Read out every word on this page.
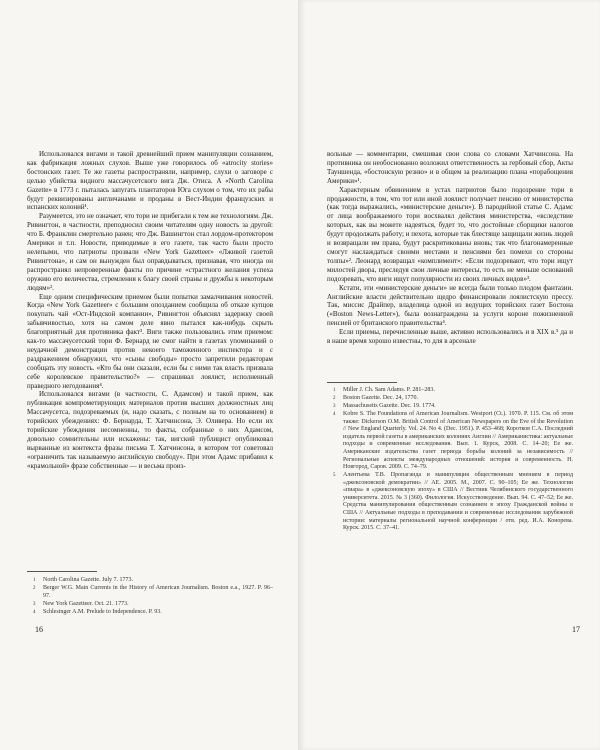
Использовался вигами и такой древнейший прием манипуляции сознанием, как фабрикация ложных слухов. Выше уже говорилось об «atrocity stories» бостонских газет. Те же газеты распространяли, например, слухи о заговоре с целью убийства видного массачусетского вига Дж. Отиса. А «North Carolina Gazette» в 1773 г. пыталась запугать плантаторов Юга слухом о том, что их рабы будут реквизированы англичанами и проданы в Вест-Индии французских и испанских колоний¹.

Разумеется, это не означает, что тори не прибегали к тем же технологиям. Дж. Ривингтон, в частности, преподносил своим читателям одну новость за другой: что Б. Франклин смертельно ранен; что Дж. Вашингтон стал лордом-протектором Америки и т.п. Новости, приводимые в его газете, так часто были просто нелепыми, что патриоты прозвали «New York Gazetteer» «Лживой газетой Ривингтона», и сам он вынужден был оправдываться, признавая, что иногда он распространял непроверенные факты по причине «страстного желания успеха оружию его величества, стремления к благу своей страны и дружбы к некоторым людям»².

Еще одним специфическим приемом были попытки замалчивания новостей. Когда «New York Gazetteer» с большим опозданием сообщила об отказе купцов покупать чай «Ост-Индской компании», Ривингтон объяснял задержку своей забывчивостью, хотя на самом деле явно пытался как-нибудь скрыть благоприятный для противника факт³. Виги также пользовались этим приемом: как-то массачусетский тори Ф. Бернард не смог найти в газетах упоминаний о неудачной демонстрации против некоего таможенного инспектора и с раздражением обнаружил, что «сыны свободы» просто запретили редакторам сообщать эту новость. «Кто бы они сказали, если бы с ними так власть призвала себе королевское правительство?» — спрашивал лоялист, исполненный праведного негодования⁴.

Использовался вигами (в частности, С. Адамсом) и такой прием, как публикация компрометирующих материалов против высших должностных лиц Массачусетса, подозреваемых (и, надо сказать, с полным на то основанием) в торийских убеждениях: Ф. Бернарда, Т. Хатчинсона, Э. Оливера. Но если их торийские убеждения несомненны, то факты, собранные о них Адамсом, довольно сомнительны или искажены: так, вигский публицист опубликовал вырванные из контекста фразы письма Т. Хатчинсона, в котором тот советовал «ограничить так называемую английскую свободу». При этом Адамс прибавил к «крамольной» фразе собственные — и весьма произ-

1	North Carolina Gazette. July 7. 1773.
2	Berger W.G. Main Currents in the History of American Journalism. Boston e.a., 1927. P. 96–97.
3	New York Gazetteer. Oct. 21. 1773.
4	Schlesinger A.M. Prelude to Independence. P. 93.
16

вольные — комментарии, смешивая свои слова со словами Хатчинсона. На противника он необоснованно возложил ответственность за гербовый сбор, Акты Тауншенда, «бостонскую резню» и в общем за реализацию плана «порабощения Америки»¹.

Характерным обвинением в устах патриотов было подозрение тори в продажности, в том, что тот или иной лоялист получает пенсию от министерства (как тогда выражались, «министерские деньги»). В пародийной статье С. Адамс от лица воображаемого тори восхвалял действия министерства, «вследствие которых, как вы можете надеяться, будет то, что достойные сборщики налогов будут продолжать работу; и пехота, которые так блестяще защищали жизнь людей и возвращали им права, будут раскритикованы вновь; так что благонамеренные смогут наслаждаться своими местами и пенсиями без помехи со стороны толпы»². Леонард возвращал «комплимент»: «Если подозревают, что тори ищут милостей двора, преследуя свои личные интересы, то есть не меньше оснований подозревать, что виги ищут популярности из своих личных видов»³.

Кстати, эти «министерские деньги» не всегда были только плодом фантазии. Английские власти действительно щедро финансировали лоялистскую прессу. Так, миссис Драйпер, владелица одной из ведущих торийских газет Бостона («Boston News-Letter»), была вознаграждена за услуги короне пожизненной пенсией от британского правительства⁴.

Если приемы, перечисленные выше, активно использовались и в XIX в.⁵ да и в наше время хорошо известны, то для в арсенале

1	Miller J. Ch. Sam Adams. P. 281–283.
2	Boston Gazette. Dec. 24, 1770.
3	Massachusetts Gazette. Dec. 19. 1774.
4	Kobre S. The Foundations of American Journalism. Westport (Ct.). 1970. P. 115. См. об этом также: Dickerson O.M. British Control of American Newspapers on the Eve of the Revolution // New England Quarterly. Vol. 24. No 4. (Dec. 1951). P. 453–468; Коротков С.А. Последний издатель первой газеты в американских колониях Англии // Американистика: актуальные подходы и современные исследования. Вып. 1. Курск, 2008. С. 14–20; Ее же. Американские издательства газет периода борьбы колоний за независимость // Региональные аспекты международных отношений: история и современность. Н. Новгород, Саров. 2009. С. 74–79.
5	Алентьева Т.В. Пропаганда и манипуляция общественным мнением в период «джексоновской демократии» // АЕ. 2005. М., 2007. С. 90–105; Ее же. Технологии «пиара» в «джексоновскую эпоху» в США // Вестник Челябинского государственного университета. 2015. № 3 (360). Филология. Искусствоведение. Вып. 94. С. 47–52; Ее же. Средства манипулирования общественным сознанием в эпоху Гражданской войны в США // Актуальные подходы в преподавании и современные исследования зарубежной истории: материалы региональной научной конференции / отв. ред. И.А. Конорева. Курск. 2015. С. 37–41.
17
